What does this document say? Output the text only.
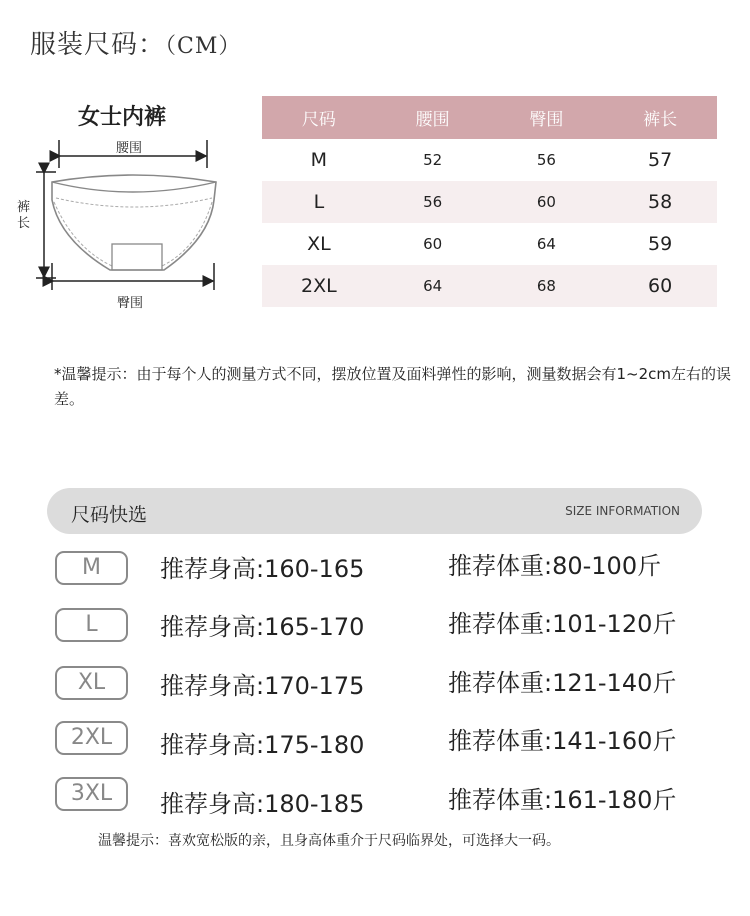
服装尺码：（CM）
女士内裤
腰围
裤长
臀围
尺码	腰围	臀围	裤长
M	52	56	57
L	56	60	58
XL	60	64	59
2XL	64	68	60
*温馨提示：由于每个人的测量方式不同，摆放位置及面料弹性的影响，测量数据会有1~2cm左右的误差。
尺码快选	SIZE INFORMATION
M	推荐身高:160-165	推荐体重:80-100斤
L	推荐身高:165-170	推荐体重:101-120斤
XL	推荐身高:170-175	推荐体重:121-140斤
2XL	推荐身高:175-180	推荐体重:141-160斤
3XL	推荐身高:180-185	推荐体重:161-180斤
温馨提示：喜欢宽松版的亲，且身高体重介于尺码临界处，可选择大一码。
